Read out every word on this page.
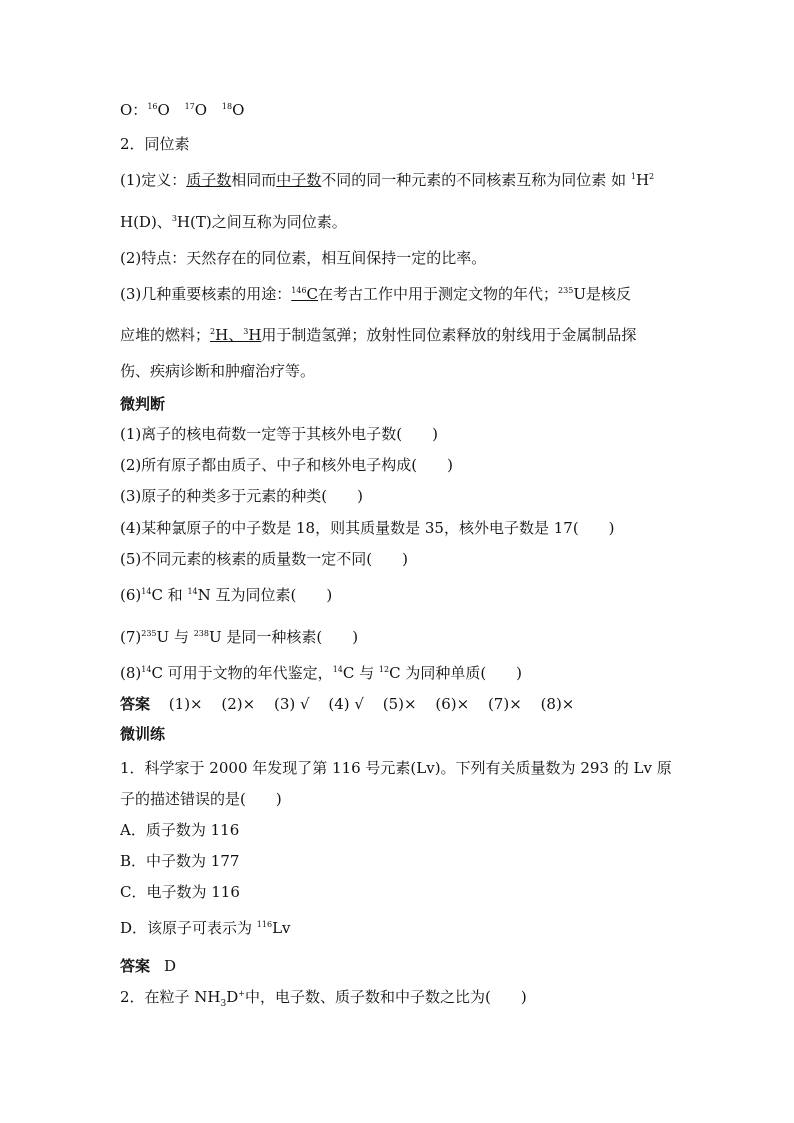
O：$^{16}$O $^{17}$O $^{18}$O
2．同位素
(1)定义：质子数相同而中子数不同的同一种元素的不同核素互称为同位素 如 $^1H^2$
H(D)、$^3$H(T)之间互称为同位素。
(2)特点：天然存在的同位素，相互间保持一定的比率。
(3)几种重要核素的用途：$^{146}$C在考古工作中用于测定文物的年代；$^{235}$U是核反
应堆的燃料；$^2$H、$^3$H用于制造氢弹；放射性同位素释放的射线用于金属制品探
伤、疾病诊断和肿瘤治疗等。
微判断
(1)离子的核电荷数一定等于其核外电子数(　　)
(2)所有原子都由质子、中子和核外电子构成(　　)
(3)原子的种类多于元素的种类(　　)
(4)某种氯原子的中子数是 18，则其质量数是 35，核外电子数是 17(　　)
(5)不同元素的核素的质量数一定不同(　　)
$(6)^{14}C$ 和 $^{14}$N 互为同位素(　　)
$(7)^{235}U$ 与 $^{238}$U 是同一种核素(　　)
$(8)^{14}C$ 可用于文物的年代鉴定，$^{14}$C 与 $^{12}$C 为同种单质(　　)
答案 (1)× (2)× (3) √ (4) √ (5)× (6)× (7)× (8)×
微训练
1．科学家于 2000 年发现了第 116 号元素(Lv)。下列有关质量数为 293 的 Lv 原
子的描述错误的是(　　)
A．质子数为 116
B．中子数为 177
C．电子数为 116
D．该原子可表示为 $^{116}$Lv
答案 D
2．在粒子 $NH_3D^+$中，电子数、质子数和中子数之比为(　　)
